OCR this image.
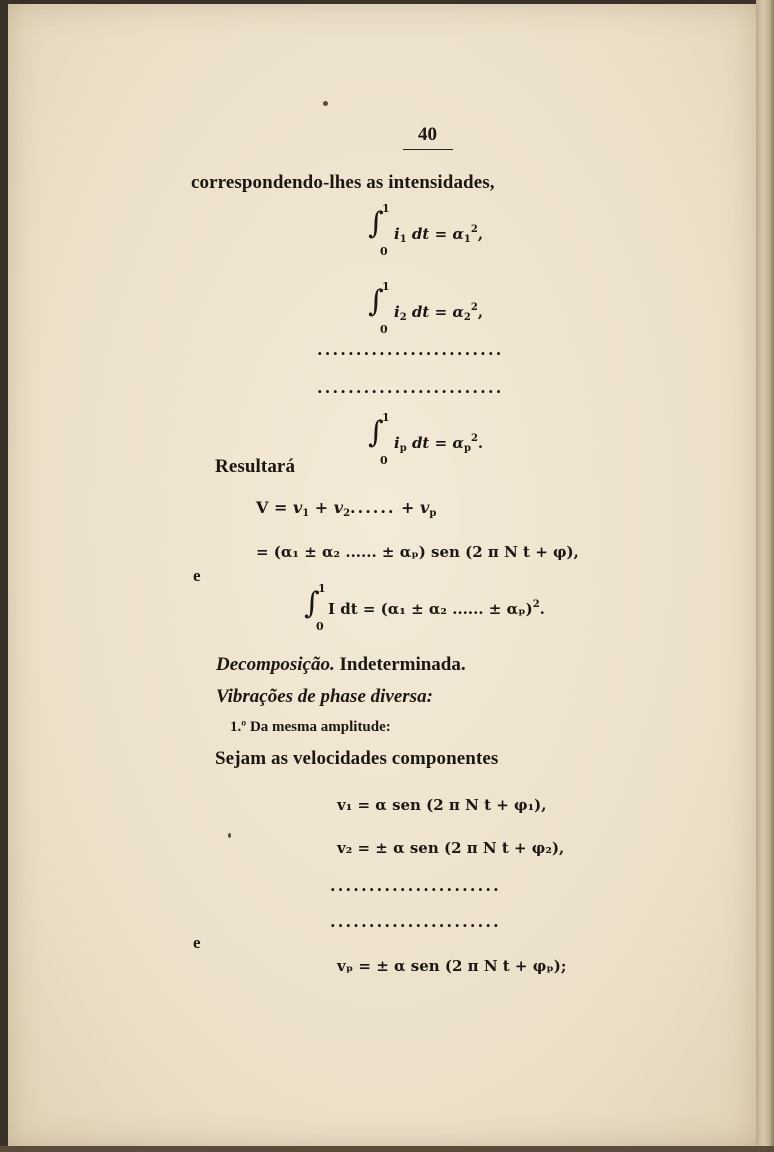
40
correspondendo-lhes as intensidades,
∫
1
0
$i_1$ dt = $\alpha_1^2$,
∫
1
0
$i_2$ dt = $\alpha_2^2$,
........................
........................
∫
1
0
$i_p$ dt = $\alpha_p^2$.
Resultará
$V = v_1 + v_2$...... + $v_p$
= (α₁ ± α₂ ...... ± αₚ) sen (2 π N t + φ),
e
∫
1
0
I dt = (α₁ ± α₂ ...... ± αₚ)$^2$.
Decomposição. Indeterminada.
Vibrações de phase diversa:
1.º Da mesma amplitude:
Sejam as velocidades componentes
v₁ = α sen (2 π N t + φ₁),
v₂ = ± α sen (2 π N t + φ₂),
......................
......................
e
vₚ = ± α sen (2 π N t + φₚ);
